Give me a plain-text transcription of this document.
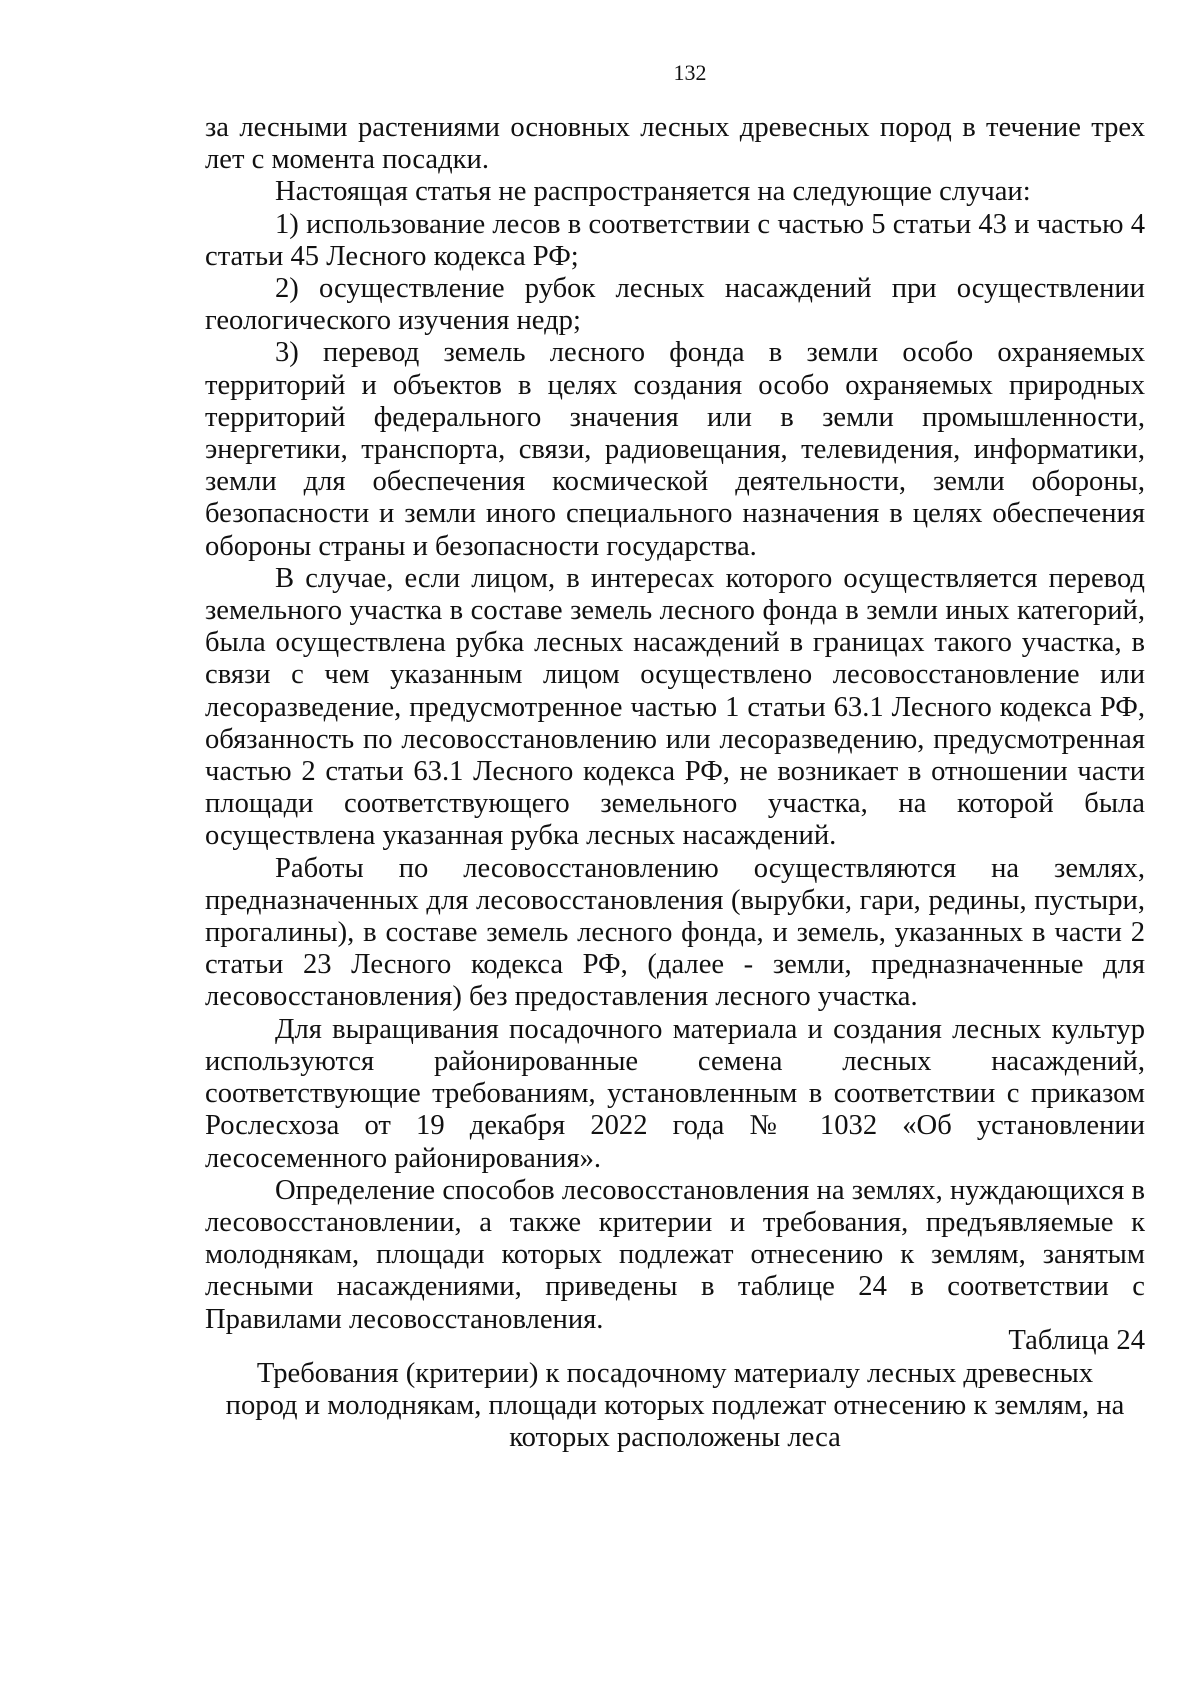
132

за лесными растениями основных лесных древесных пород в течение трех лет с момента посадки.

Настоящая статья не распространяется на следующие случаи:

1) использование лесов в соответствии с частью 5 статьи 43 и частью 4 статьи 45 Лесного кодекса РФ;

2) осуществление рубок лесных насаждений при осуществлении геологического изучения недр;

3) перевод земель лесного фонда в земли особо охраняемых территорий и объектов в целях создания особо охраняемых природных территорий федерального значения или в земли промышленности, энергетики, транспорта, связи, радиовещания, телевидения, информатики, земли для обеспечения космической деятельности, земли обороны, безопасности и земли иного специального назначения в целях обеспечения обороны страны и безопасности государства.

В случае, если лицом, в интересах которого осуществляется перевод земельного участка в составе земель лесного фонда в земли иных категорий, была осуществлена рубка лесных насаждений в границах такого участка, в связи с чем указанным лицом осуществлено лесовосстановление или лесоразведение, предусмотренное частью 1 статьи 63.1 Лесного кодекса РФ, обязанность по лесовосстановлению или лесоразведению, предусмотренная частью 2 статьи 63.1 Лесного кодекса РФ, не возникает в отношении части площади соответствующего земельного участка, на которой была осуществлена указанная рубка лесных насаждений.

Работы по лесовосстановлению осуществляются на землях, предназначенных для лесовосстановления (вырубки, гари, редины, пустыри, прогалины), в составе земель лесного фонда, и земель, указанных в части 2 статьи 23 Лесного кодекса РФ, (далее - земли, предназначенные для лесовосстановления) без предоставления лесного участка.

Для выращивания посадочного материала и создания лесных культур используются районированные семена лесных насаждений, соответствующие требованиям, установленным в соответствии с приказом Рослесхоза от 19 декабря 2022 года № 1032 «Об установлении лесосеменного районирования».

Определение способов лесовосстановления на землях, нуждающихся в лесовосстановлении, а также критерии и требования, предъявляемые к молоднякам, площади которых подлежат отнесению к землям, занятым лесными насаждениями, приведены в таблице 24 в соответствии с Правилами лесовосстановления.

Таблица 24
Требования (критерии) к посадочному материалу лесных древесных
пород и молоднякам, площади которых подлежат отнесению к землям, на
которых расположены леса
